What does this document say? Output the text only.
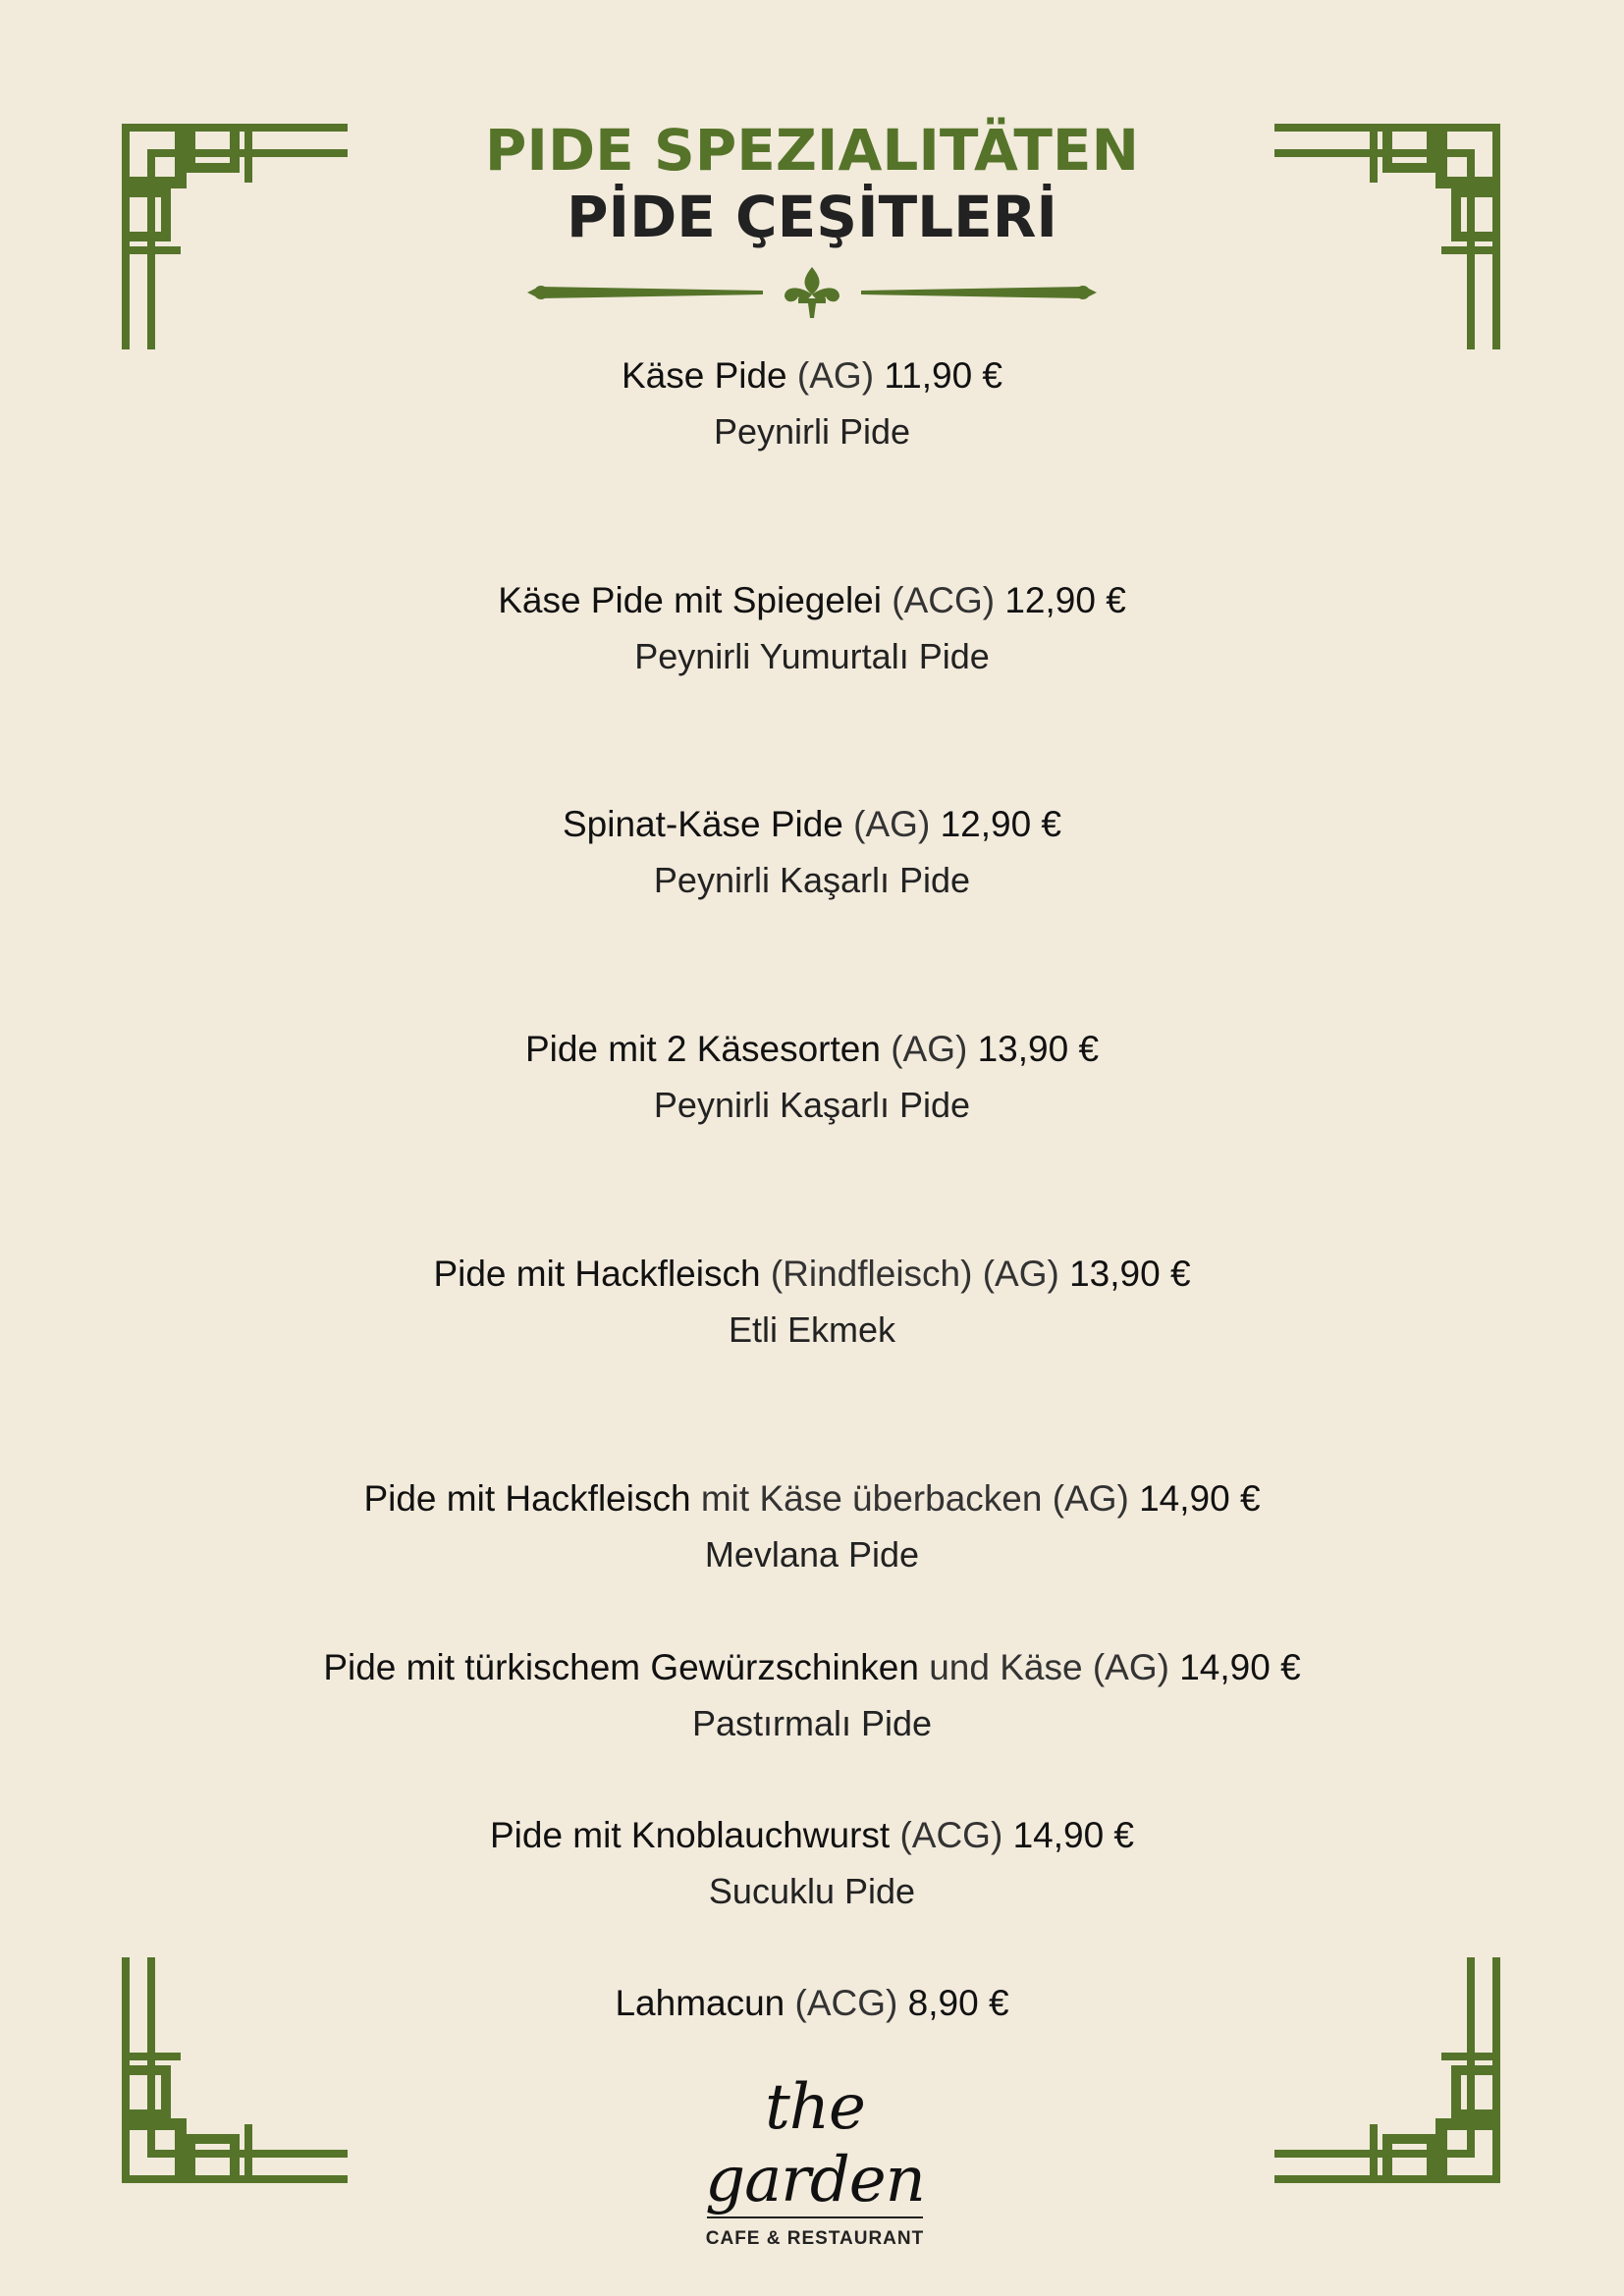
PIDE SPEZIALITÄTEN
PİDE ÇEŞİTLERİ
Käse Pide (AG) 11,90 €
Peynirli Pide
Käse Pide mit Spiegelei (ACG) 12,90 €
Peynirli Yumurtalı Pide
Spinat-Käse Pide (AG) 12,90 €
Peynirli Kaşarlı Pide
Pide mit 2 Käsesorten (AG) 13,90 €
Peynirli Kaşarlı Pide
Pide mit Hackfleisch (Rindfleisch) (AG) 13,90 €
Etli Ekmek
Pide mit Hackfleisch mit Käse überbacken (AG) 14,90 €
Mevlana Pide
Pide mit türkischem Gewürzschinken und Käse (AG) 14,90 €
Pastırmalı Pide
Pide mit Knoblauchwurst (ACG) 14,90 €
Sucuklu Pide
Lahmacun (ACG) 8,90 €
the garden
CAFE & RESTAURANT
